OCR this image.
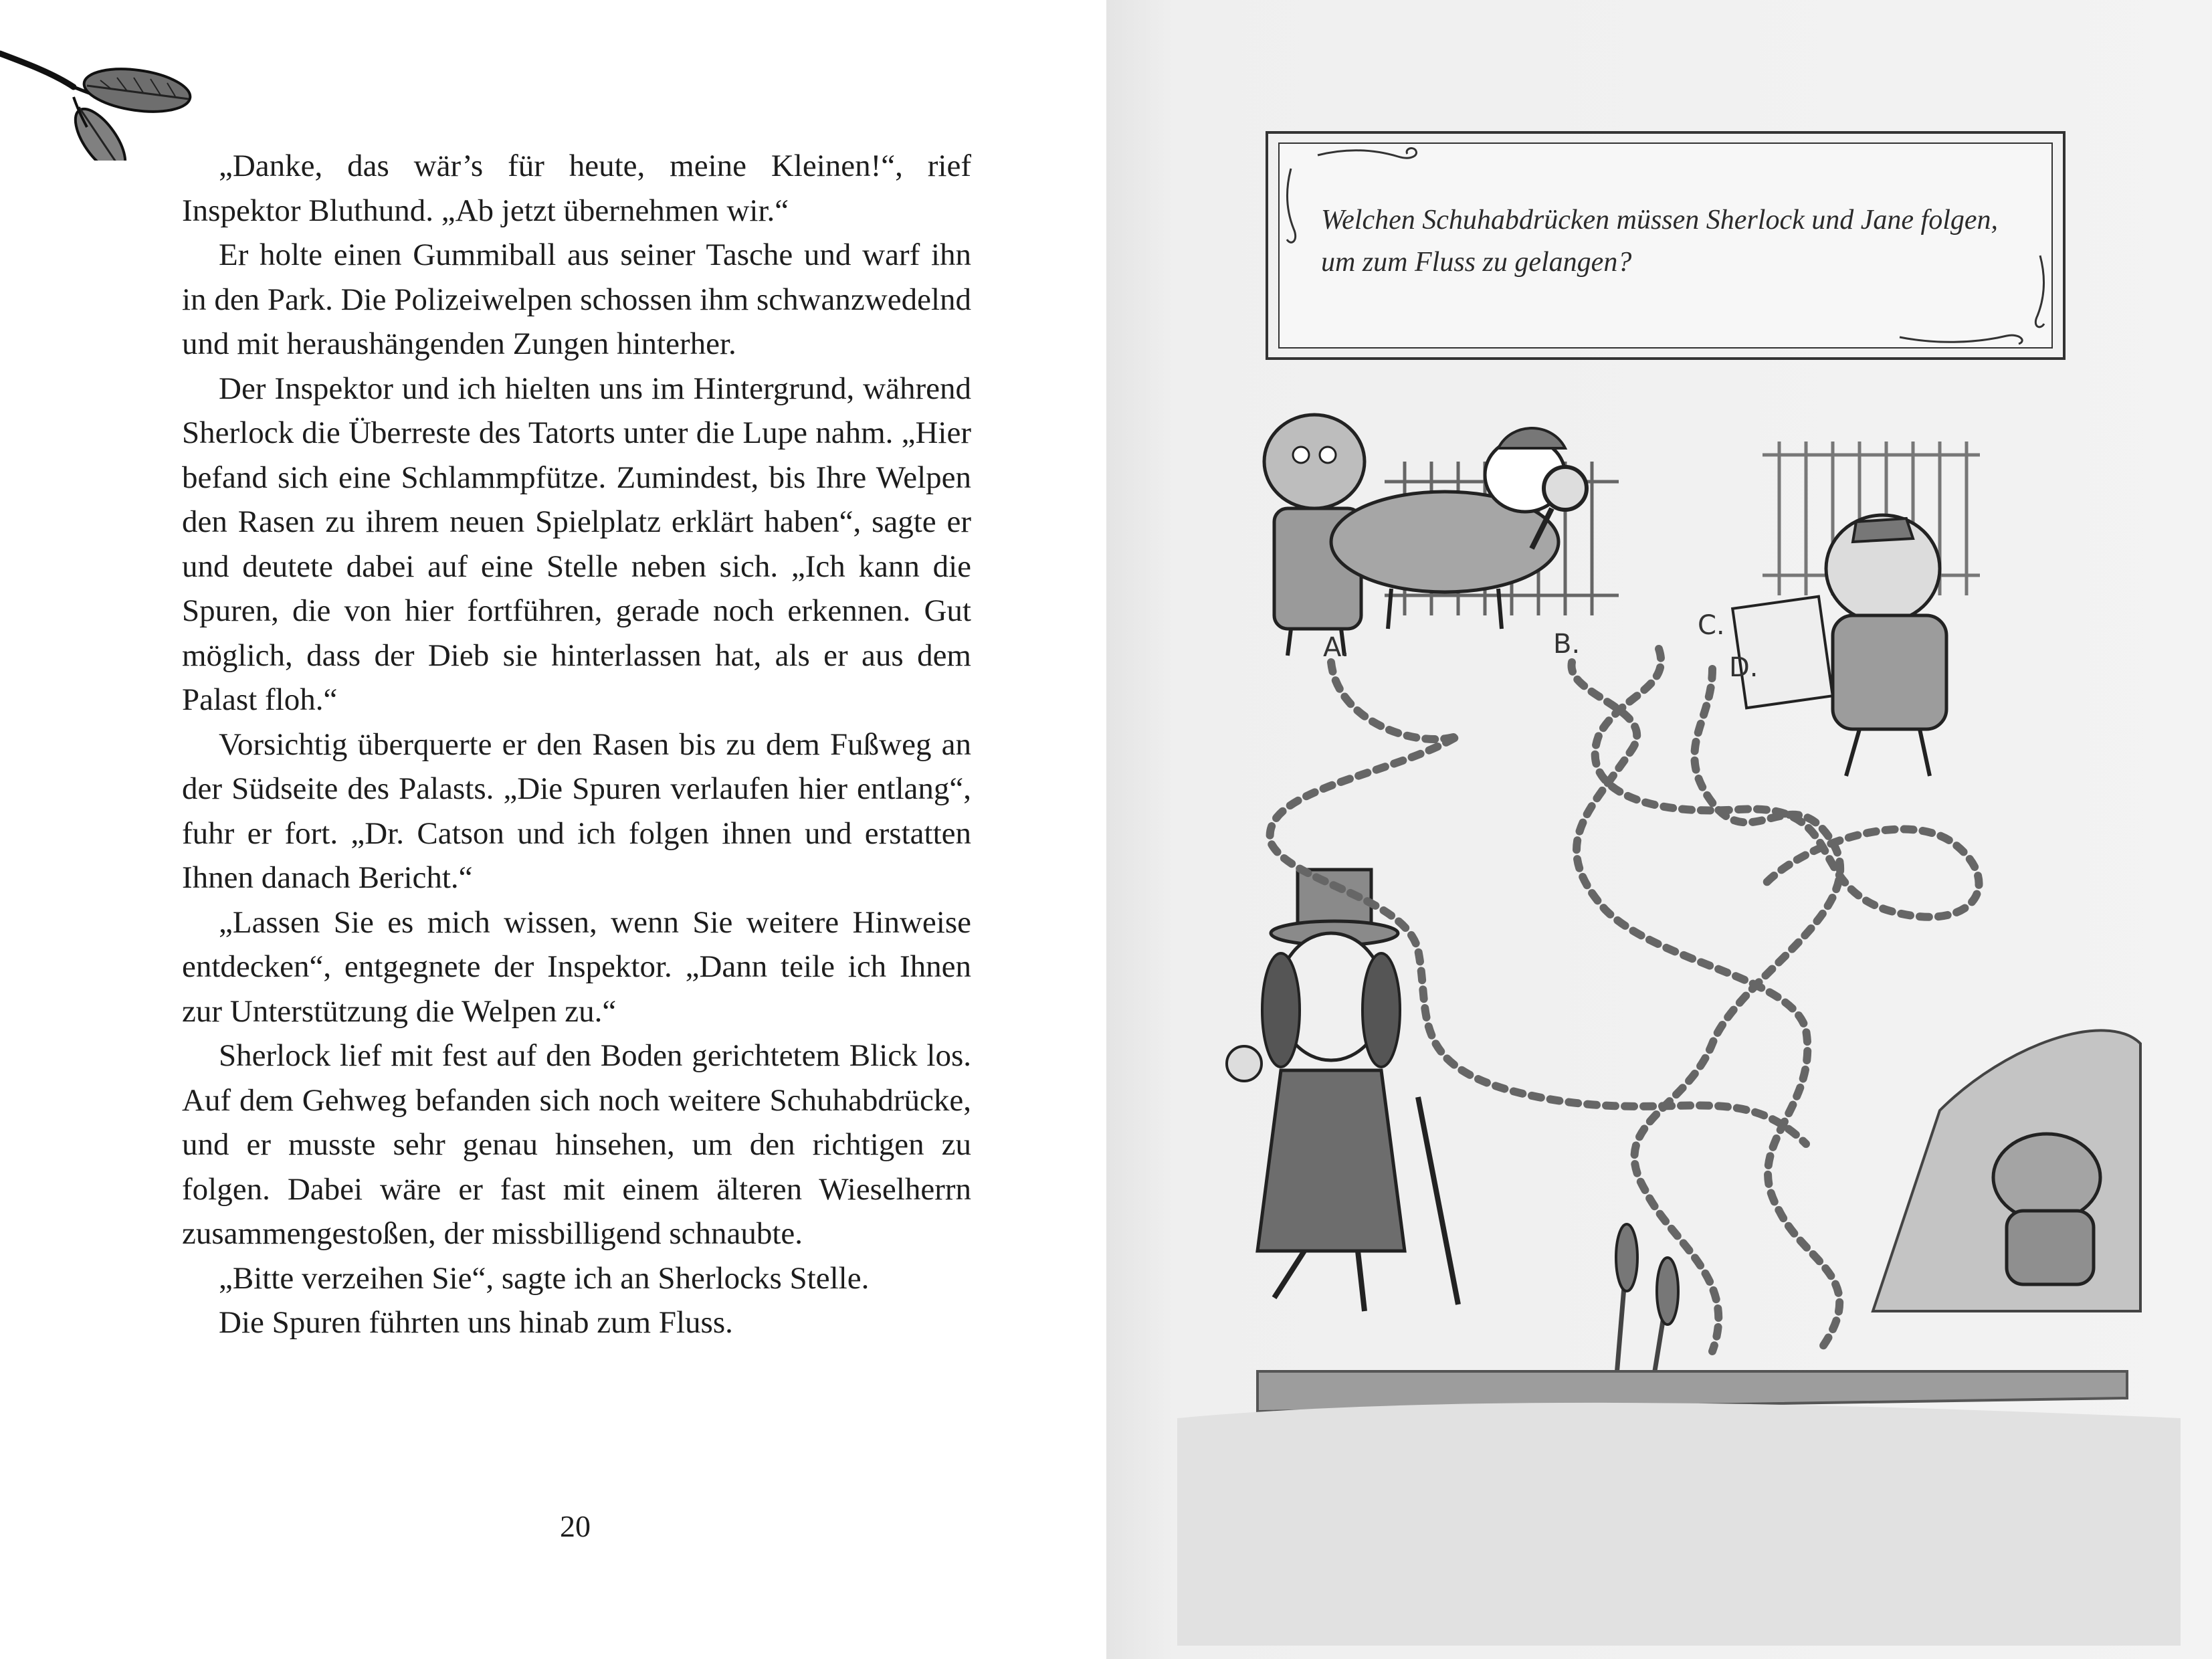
„Danke, das wär’s für heute, meine Kleinen!“, rief Inspektor Bluthund. „Ab jetzt übernehmen wir.“

Er holte einen Gummiball aus seiner Tasche und warf ihn in den Park. Die Polizeiwelpen schossen ihm schwanzwedelnd und mit heraushängenden Zungen hinterher.

Der Inspektor und ich hielten uns im Hintergrund, während Sherlock die Überreste des Tatorts unter die Lupe nahm. „Hier befand sich eine Schlammpfütze. Zumindest, bis Ihre Welpen den Rasen zu ihrem neuen Spielplatz erklärt haben“, sagte er und deutete dabei auf eine Stelle neben sich. „Ich kann die Spuren, die von hier fortführen, gerade noch erkennen. Gut möglich, dass der Dieb sie hinterlassen hat, als er aus dem Palast floh.“

Vorsichtig überquerte er den Rasen bis zu dem Fußweg an der Südseite des Palasts. „Die Spuren verlaufen hier entlang“, fuhr er fort. „Dr. Catson und ich folgen ihnen und erstatten Ihnen danach Bericht.“

„Lassen Sie es mich wissen, wenn Sie weitere Hinweise entdecken“, entgegnete der Inspektor. „Dann teile ich Ihnen zur Unterstützung die Welpen zu.“

Sherlock lief mit fest auf den Boden gerichtetem Blick los. Auf dem Gehweg befanden sich noch weitere Schuhabdrücke, und er musste sehr genau hinsehen, um den richtigen zu folgen. Dabei wäre er fast mit einem älteren Wieselherrn zusammengestoßen, der missbilligend schnaubte.

„Bitte verzeihen Sie“, sagte ich an Sherlocks Stelle.

Die Spuren führten uns hinab zum Fluss.

20
Welchen Schuhabdrücken müssen Sherlock und Jane folgen, um zum Fluss zu gelangen?
A.	B.
C.
D.
